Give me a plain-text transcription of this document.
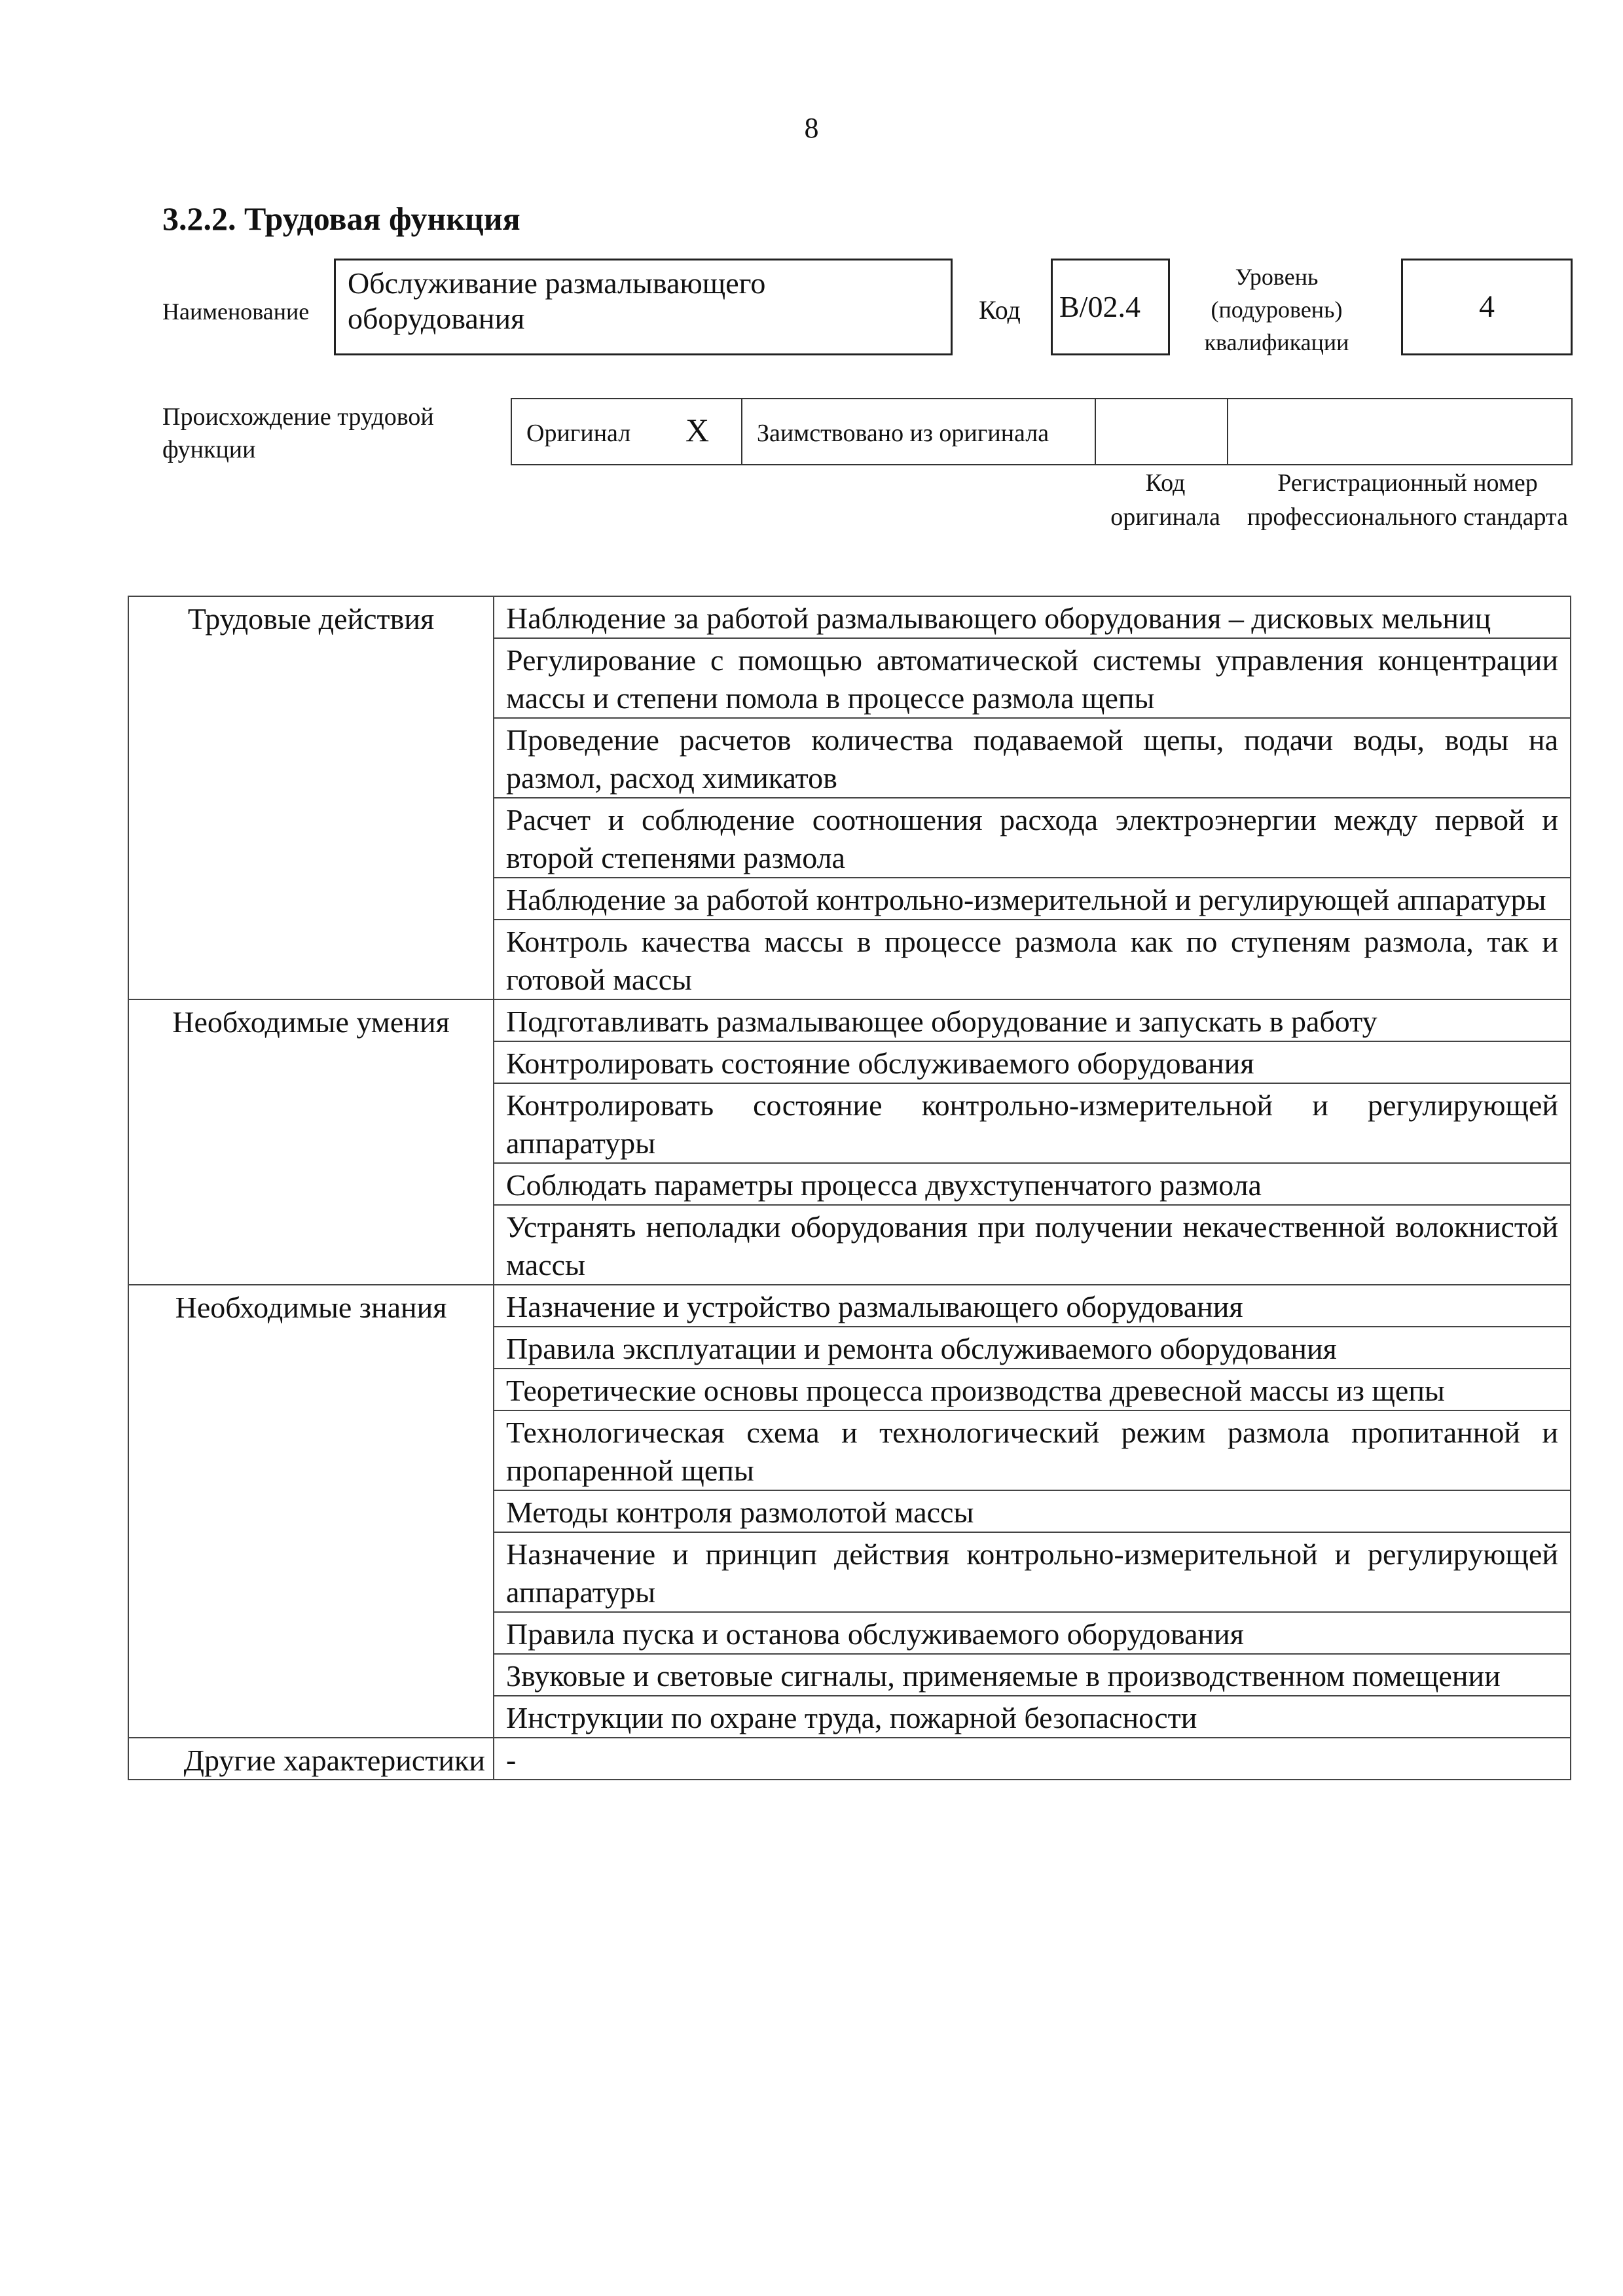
8
3.2.2. Трудовая функция
Наименование
Обслуживание размалывающего оборудования	Код B/02.4
Уровень (подуровень) квалификации
4
Происхождение трудовой функции
Оригинал X Заимствовано из оригинала
Код оригинала
Регистрационный номер профессионального стандарта
Трудовые действия	Наблюдение за работой размалывающего оборудования – дисковых мельниц
	Регулирование с помощью автоматической системы управления концентрации массы и степени помола в процессе размола щепы
	Проведение расчетов количества подаваемой щепы, подачи воды, воды на размол, расход химикатов
	Расчет и соблюдение соотношения расхода электроэнергии между первой и второй степенями размола
	Наблюдение за работой контрольно-измерительной и регулирующей аппаратуры
	Контроль качества массы в процессе размола как по ступеням размола, так и готовой массы
Необходимые умения	Подготавливать размалывающее оборудование и запускать в работу
	Контролировать состояние обслуживаемого оборудования
	Контролировать состояние контрольно-измерительной и регулирующей аппаратуры
	Соблюдать параметры процесса двухступенчатого размола
	Устранять неполадки оборудования при получении некачественной волокнистой массы
Необходимые знания	Назначение и устройство размалывающего оборудования
	Правила эксплуатации и ремонта обслуживаемого оборудования
	Теоретические основы процесса производства древесной массы из щепы
	Технологическая схема и технологический режим размола пропитанной и пропаренной щепы
	Методы контроля размолотой массы
	Назначение и принцип действия контрольно-измерительной и регулирующей аппаратуры
	Правила пуска и останова обслуживаемого оборудования
	Звуковые и световые сигналы, применяемые в производственном помещении
	Инструкции по охране труда, пожарной безопасности
Другие характеристики	-
